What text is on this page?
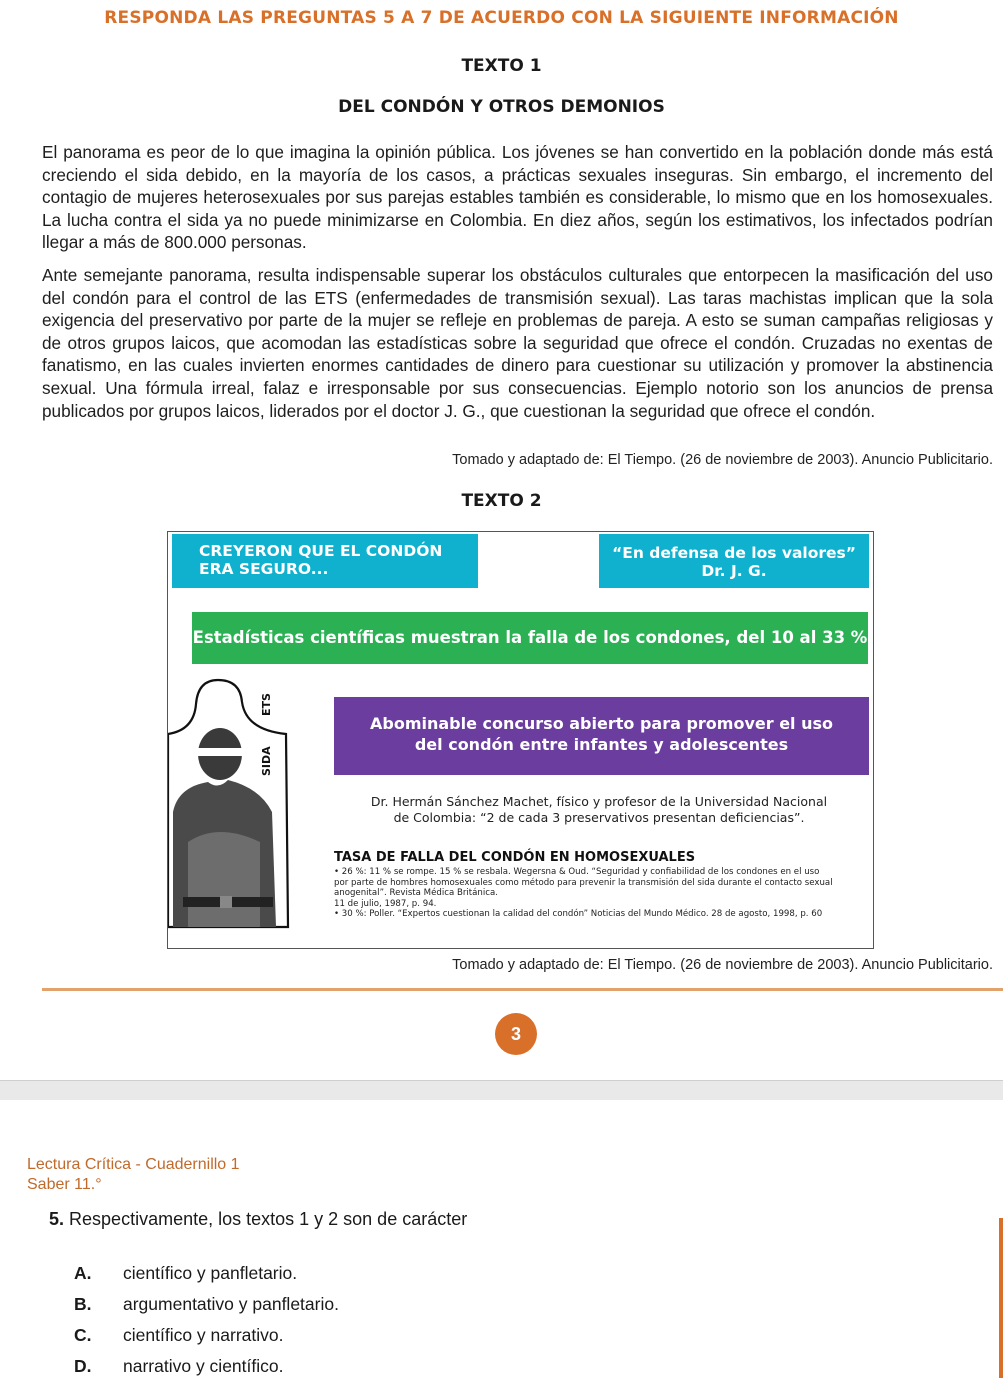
RESPONDA LAS PREGUNTAS 5 A 7 DE ACUERDO CON LA SIGUIENTE INFORMACIÓN
TEXTO 1
DEL CONDÓN Y OTROS DEMONIOS

El panorama es peor de lo que imagina la opinión pública. Los jóvenes se han convertido en la población donde más está creciendo el sida debido, en la mayoría de los casos, a prácticas sexuales inseguras. Sin embargo, el incremento del contagio de mujeres heterosexuales por sus parejas estables también es considerable, lo mismo que en los homosexuales. La lucha contra el sida ya no puede minimizarse en Colombia. En diez años, según los estimativos, los infectados podrían llegar a más de 800.000 personas.

Ante semejante panorama, resulta indispensable superar los obstáculos culturales que entorpecen la masificación del uso del condón para el control de las ETS (enfermedades de transmisión sexual). Las taras machistas implican que la sola exigencia del preservativo por parte de la mujer se refleje en problemas de pareja. A esto se suman campañas religiosas y de otros grupos laicos, que acomodan las estadísticas sobre la seguridad que ofrece el condón. Cruzadas no exentas de fanatismo, en las cuales invierten enormes cantidades de dinero para cuestionar su utilización y promover la abstinencia sexual. Una fórmula irreal, falaz e irresponsable por sus consecuencias. Ejemplo notorio son los anuncios de prensa publicados por grupos laicos, liderados por el doctor J. G., que cuestionan la seguridad que ofrece el condón.

Tomado y adaptado de: El Tiempo. (26 de noviembre de 2003). Anuncio Publicitario.
TEXTO 2
CREYERON QUE EL CONDÓN
ERA SEGURO...
“En defensa de los valores”
Dr. J. G.
Estadísticas científicas muestran la falla de los condones, del 10 al 33 %
ETS
SIDA
Abominable concurso abierto para promover el uso
del condón entre infantes y adolescentes
Dr. Hermán Sánchez Machet, físico y profesor de la Universidad Nacional
de Colombia: “2 de cada 3 preservativos presentan deficiencias”.
TASA DE FALLA DEL CONDÓN EN HOMOSEXUALES
• 26 %: 11 % se rompe. 15 % se resbala. Wegersna & Oud. “Seguridad y confiabilidad de los condones en el uso
por parte de hombres homosexuales como método para prevenir la transmisión del sida durante el contacto sexual
anogenital”. Revista Médica Británica.
11 de julio, 1987, p. 94.
• 30 %: Poller. “Expertos cuestionan la calidad del condón” Noticias del Mundo Médico. 28 de agosto, 1998, p. 60
Tomado y adaptado de: El Tiempo. (26 de noviembre de 2003). Anuncio Publicitario.
3
Lectura Crítica - Cuadernillo 1
Saber 11.°
5. Respectivamente, los textos 1 y 2 son de carácter
A. científico y panfletario.
B. argumentativo y panfletario.
C. científico y narrativo.
D. narrativo y científico.
